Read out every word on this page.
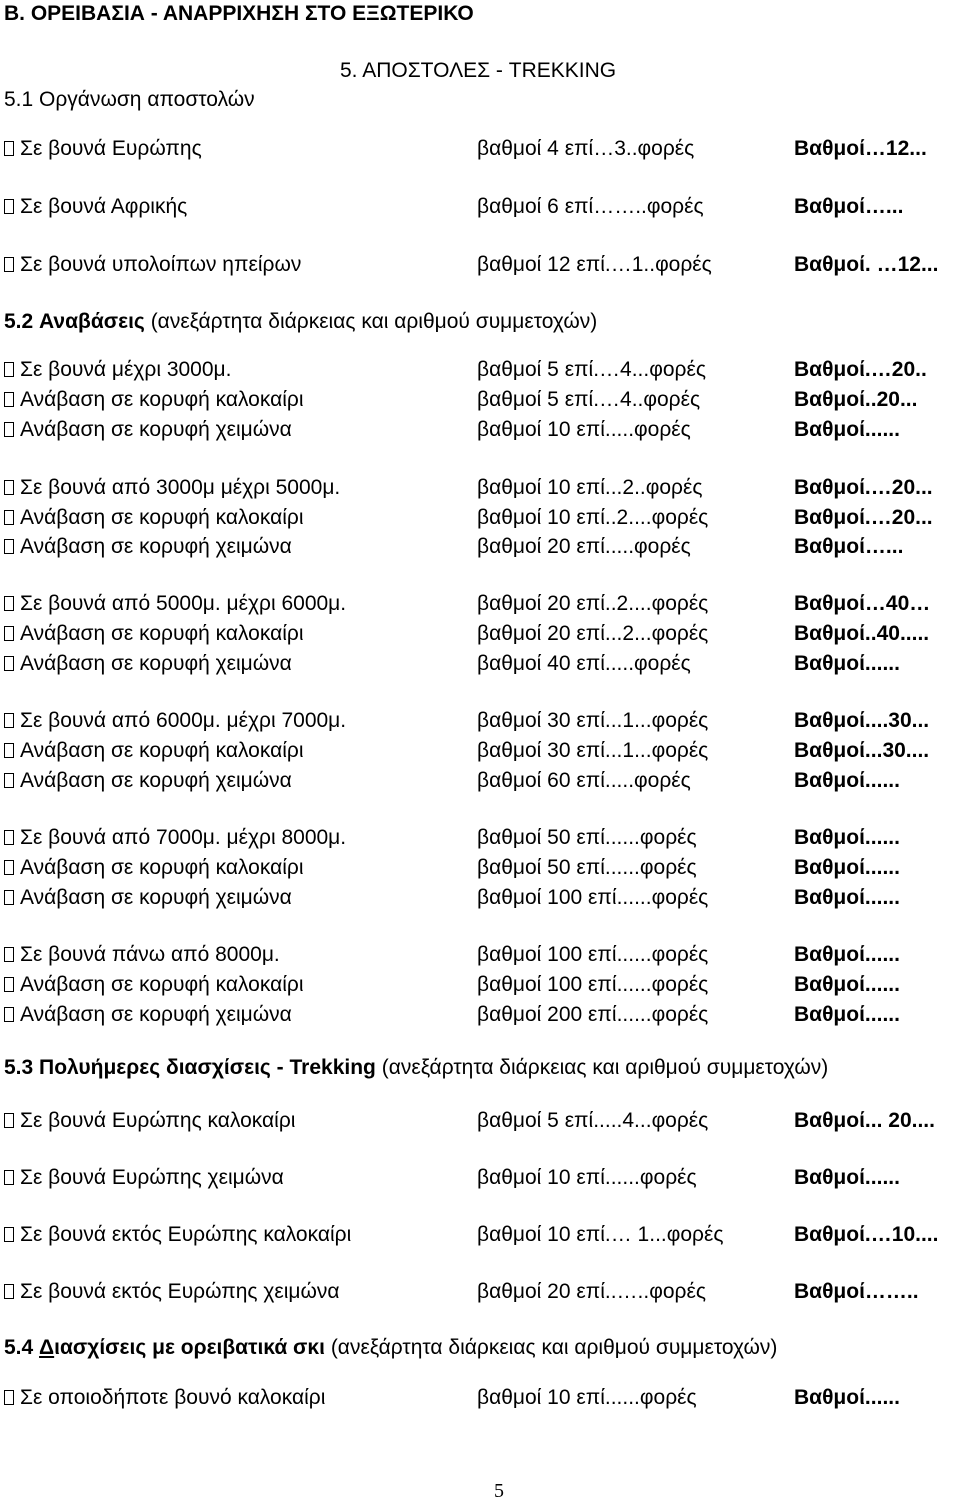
Β. ΟΡΕΙΒΑΣΙΑ - ΑΝΑΡΡΙΧΗΣΗ ΣΤΟ ΕΞΩΤΕΡΙΚΟ
5. ΑΠΟΣΤΟΛΕΣ - TREKKING
5.1 Οργάνωση αποστολών
5.2 Αναβάσεις (ανεξάρτητα διάρκειας και αριθμού συμμετοχών)
5.3 Πολυήμερες διασχίσεις - Trekking (ανεξάρτητα διάρκειας και αριθμού συμμετοχών)
5.4 Διασχίσεις με ορειβατικά σκι (ανεξάρτητα διάρκειας και αριθμού συμμετοχών)
Σε βουνά Ευρώπης	βαθμοί 4 επί…3..φορές	Βαθμοί…12...
Σε βουνά Αφρικής	βαθμοί 6 επί……..φορές	Βαθμοί…...
Σε βουνά υπολοίπων ηπείρων	βαθμοί 12 επί.…1..φορές	Βαθμοί. …12...
Σε βουνά μέχρι 3000μ.	βαθμοί 5 επί.…4...φορές	Βαθμοί.…20..
Ανάβαση σε κορυφή καλοκαίρι	βαθμοί 5 επί.…4..φορές	Βαθμοί..20...
Ανάβαση σε κορυφή χειμώνα	βαθμοί 10 επί.....φορές	Βαθμοί......
Σε βουνά από 3000μ μέχρι 5000μ.	βαθμοί 10 επί...2..φορές	Βαθμοί.…20...
Ανάβαση σε κορυφή καλοκαίρι	βαθμοί 10 επί..2....φορές	Βαθμοί.…20...
Ανάβαση σε κορυφή χειμώνα	βαθμοί 20 επί.....φορές	Βαθμοί…...
Σε βουνά από 5000μ. μέχρι 6000μ.	βαθμοί 20 επί..2....φορές	Βαθμοί…40…
Ανάβαση σε κορυφή καλοκαίρι	βαθμοί 20 επί...2...φορές	Βαθμοί..40.....
Ανάβαση σε κορυφή χειμώνα	βαθμοί 40 επί.....φορές	Βαθμοί......
Σε βουνά από 6000μ. μέχρι 7000μ.	βαθμοί 30 επί...1...φορές	Βαθμοί....30...
Ανάβαση σε κορυφή καλοκαίρι	βαθμοί 30 επί...1...φορές	Βαθμοί...30....
Ανάβαση σε κορυφή χειμώνα	βαθμοί 60 επί.....φορές	Βαθμοί......
Σε βουνά από 7000μ. μέχρι 8000μ.	βαθμοί 50 επί......φορές	Βαθμοί......
Ανάβαση σε κορυφή καλοκαίρι	βαθμοί 50 επί......φορές	Βαθμοί......
Ανάβαση σε κορυφή χειμώνα	βαθμοί 100 επί......φορές	Βαθμοί......
Σε βουνά πάνω από 8000μ.	βαθμοί 100 επί......φορές	Βαθμοί......
Ανάβαση σε κορυφή καλοκαίρι	βαθμοί 100 επί......φορές	Βαθμοί......
Ανάβαση σε κορυφή χειμώνα	βαθμοί 200 επί......φορές	Βαθμοί......
Σε βουνά Ευρώπης καλοκαίρι	βαθμοί 5 επί.....4...φορές	Βαθμοί... 20....
Σε βουνά Ευρώπης χειμώνα	βαθμοί 10 επί......φορές	Βαθμοί......
Σε βουνά εκτός Ευρώπης καλοκαίρι	βαθμοί 10 επί.… 1...φορές	Βαθμοί.…10....
Σε βουνά εκτός Ευρώπης χειμώνα	βαθμοί 20 επί..…..φορές	Βαθμοί……..
Σε οποιοδήποτε βουνό καλοκαίρι	βαθμοί 10 επί......φορές	Βαθμοί......
5
